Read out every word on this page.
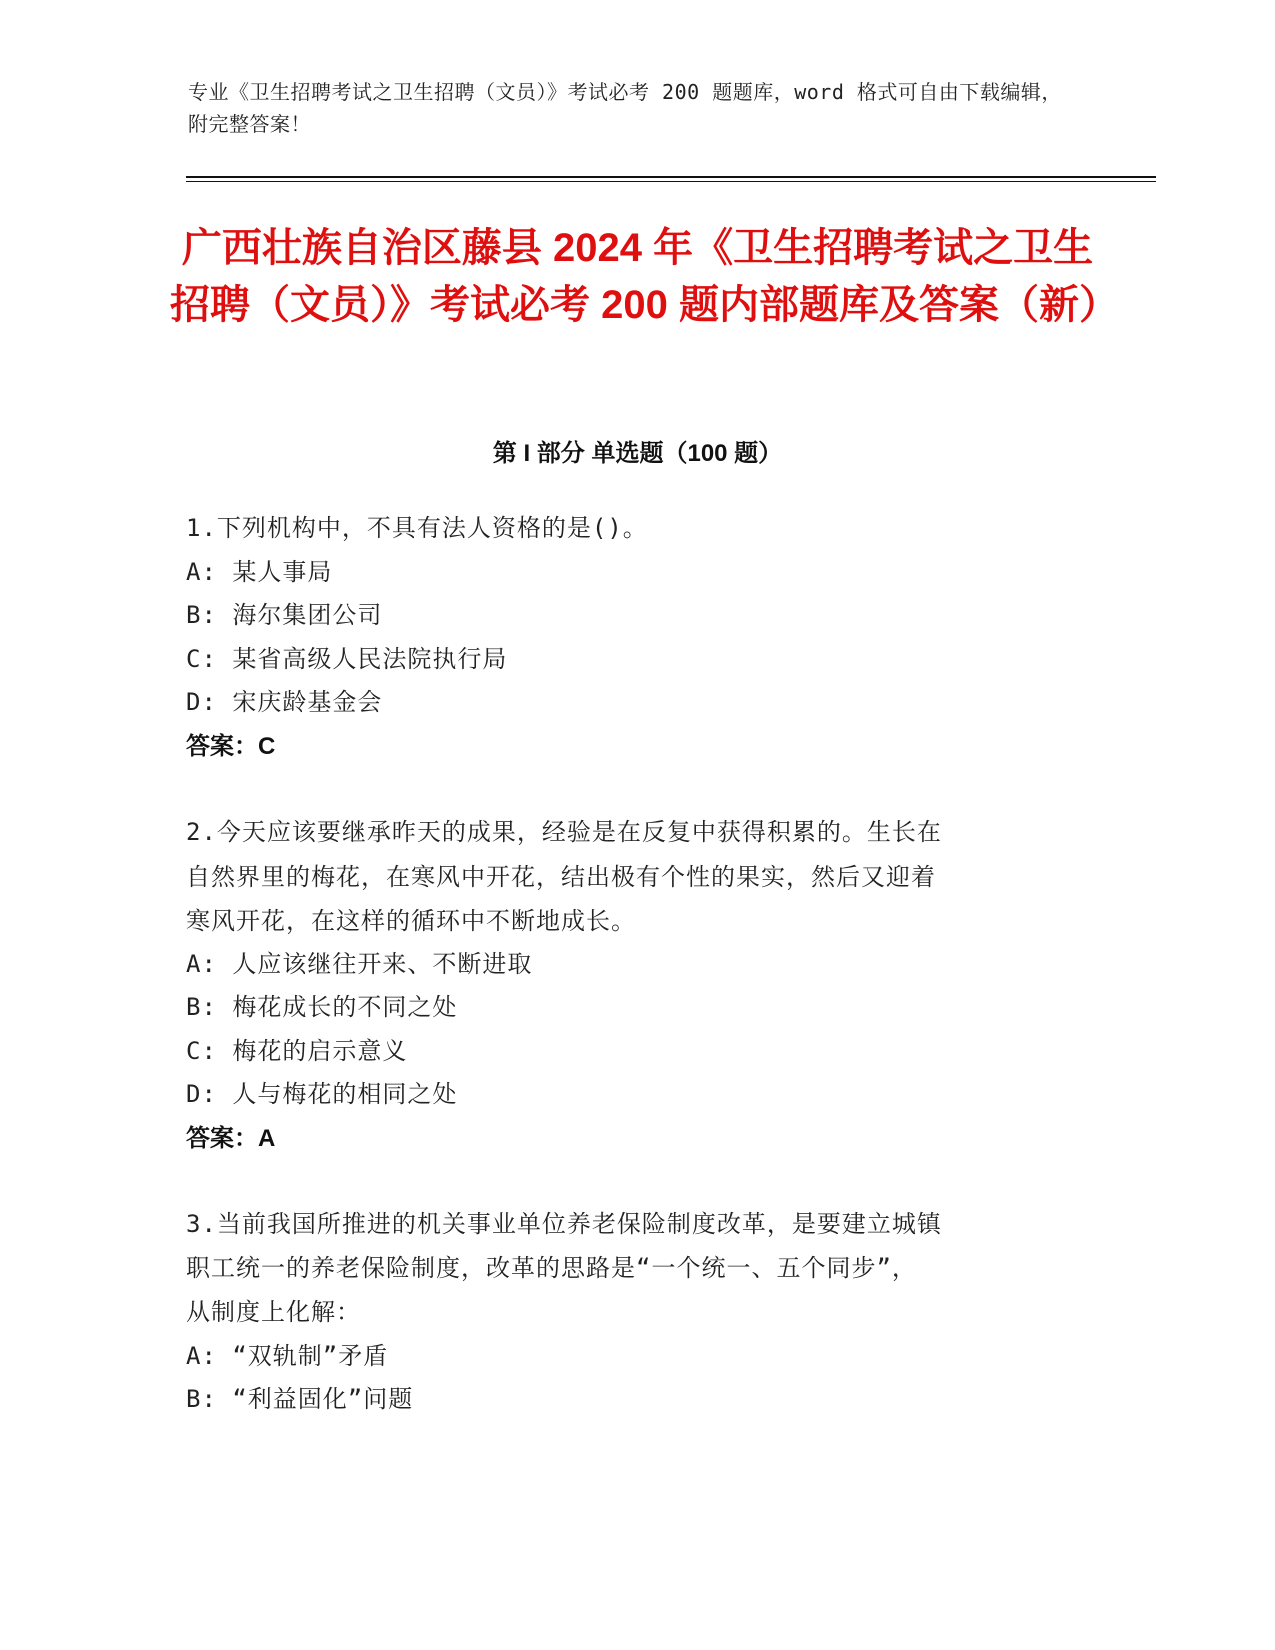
专业《卫生招聘考试之卫生招聘（文员）》考试必考 200 题题库，word 格式可自由下载编辑，附完整答案！
广西壮族自治区藤县 2024 年《卫生招聘考试之卫生招聘（文员）》考试必考 200 题内部题库及答案（新）
第 I 部分 单选题（100 题）
1.下列机构中，不具有法人资格的是()。
A: 某人事局
B: 海尔集团公司
C: 某省高级人民法院执行局
D: 宋庆龄基金会
答案：C
2.今天应该要继承昨天的成果，经验是在反复中获得积累的。生长在
自然界里的梅花，在寒风中开花，结出极有个性的果实，然后又迎着
寒风开花，在这样的循环中不断地成长。
A: 人应该继往开来、不断进取
B: 梅花成长的不同之处
C: 梅花的启示意义
D: 人与梅花的相同之处
答案：A
3.当前我国所推进的机关事业单位养老保险制度改革，是要建立城镇
职工统一的养老保险制度，改革的思路是“一个统一、五个同步”，
从制度上化解：
A: “双轨制”矛盾
B: “利益固化”问题
